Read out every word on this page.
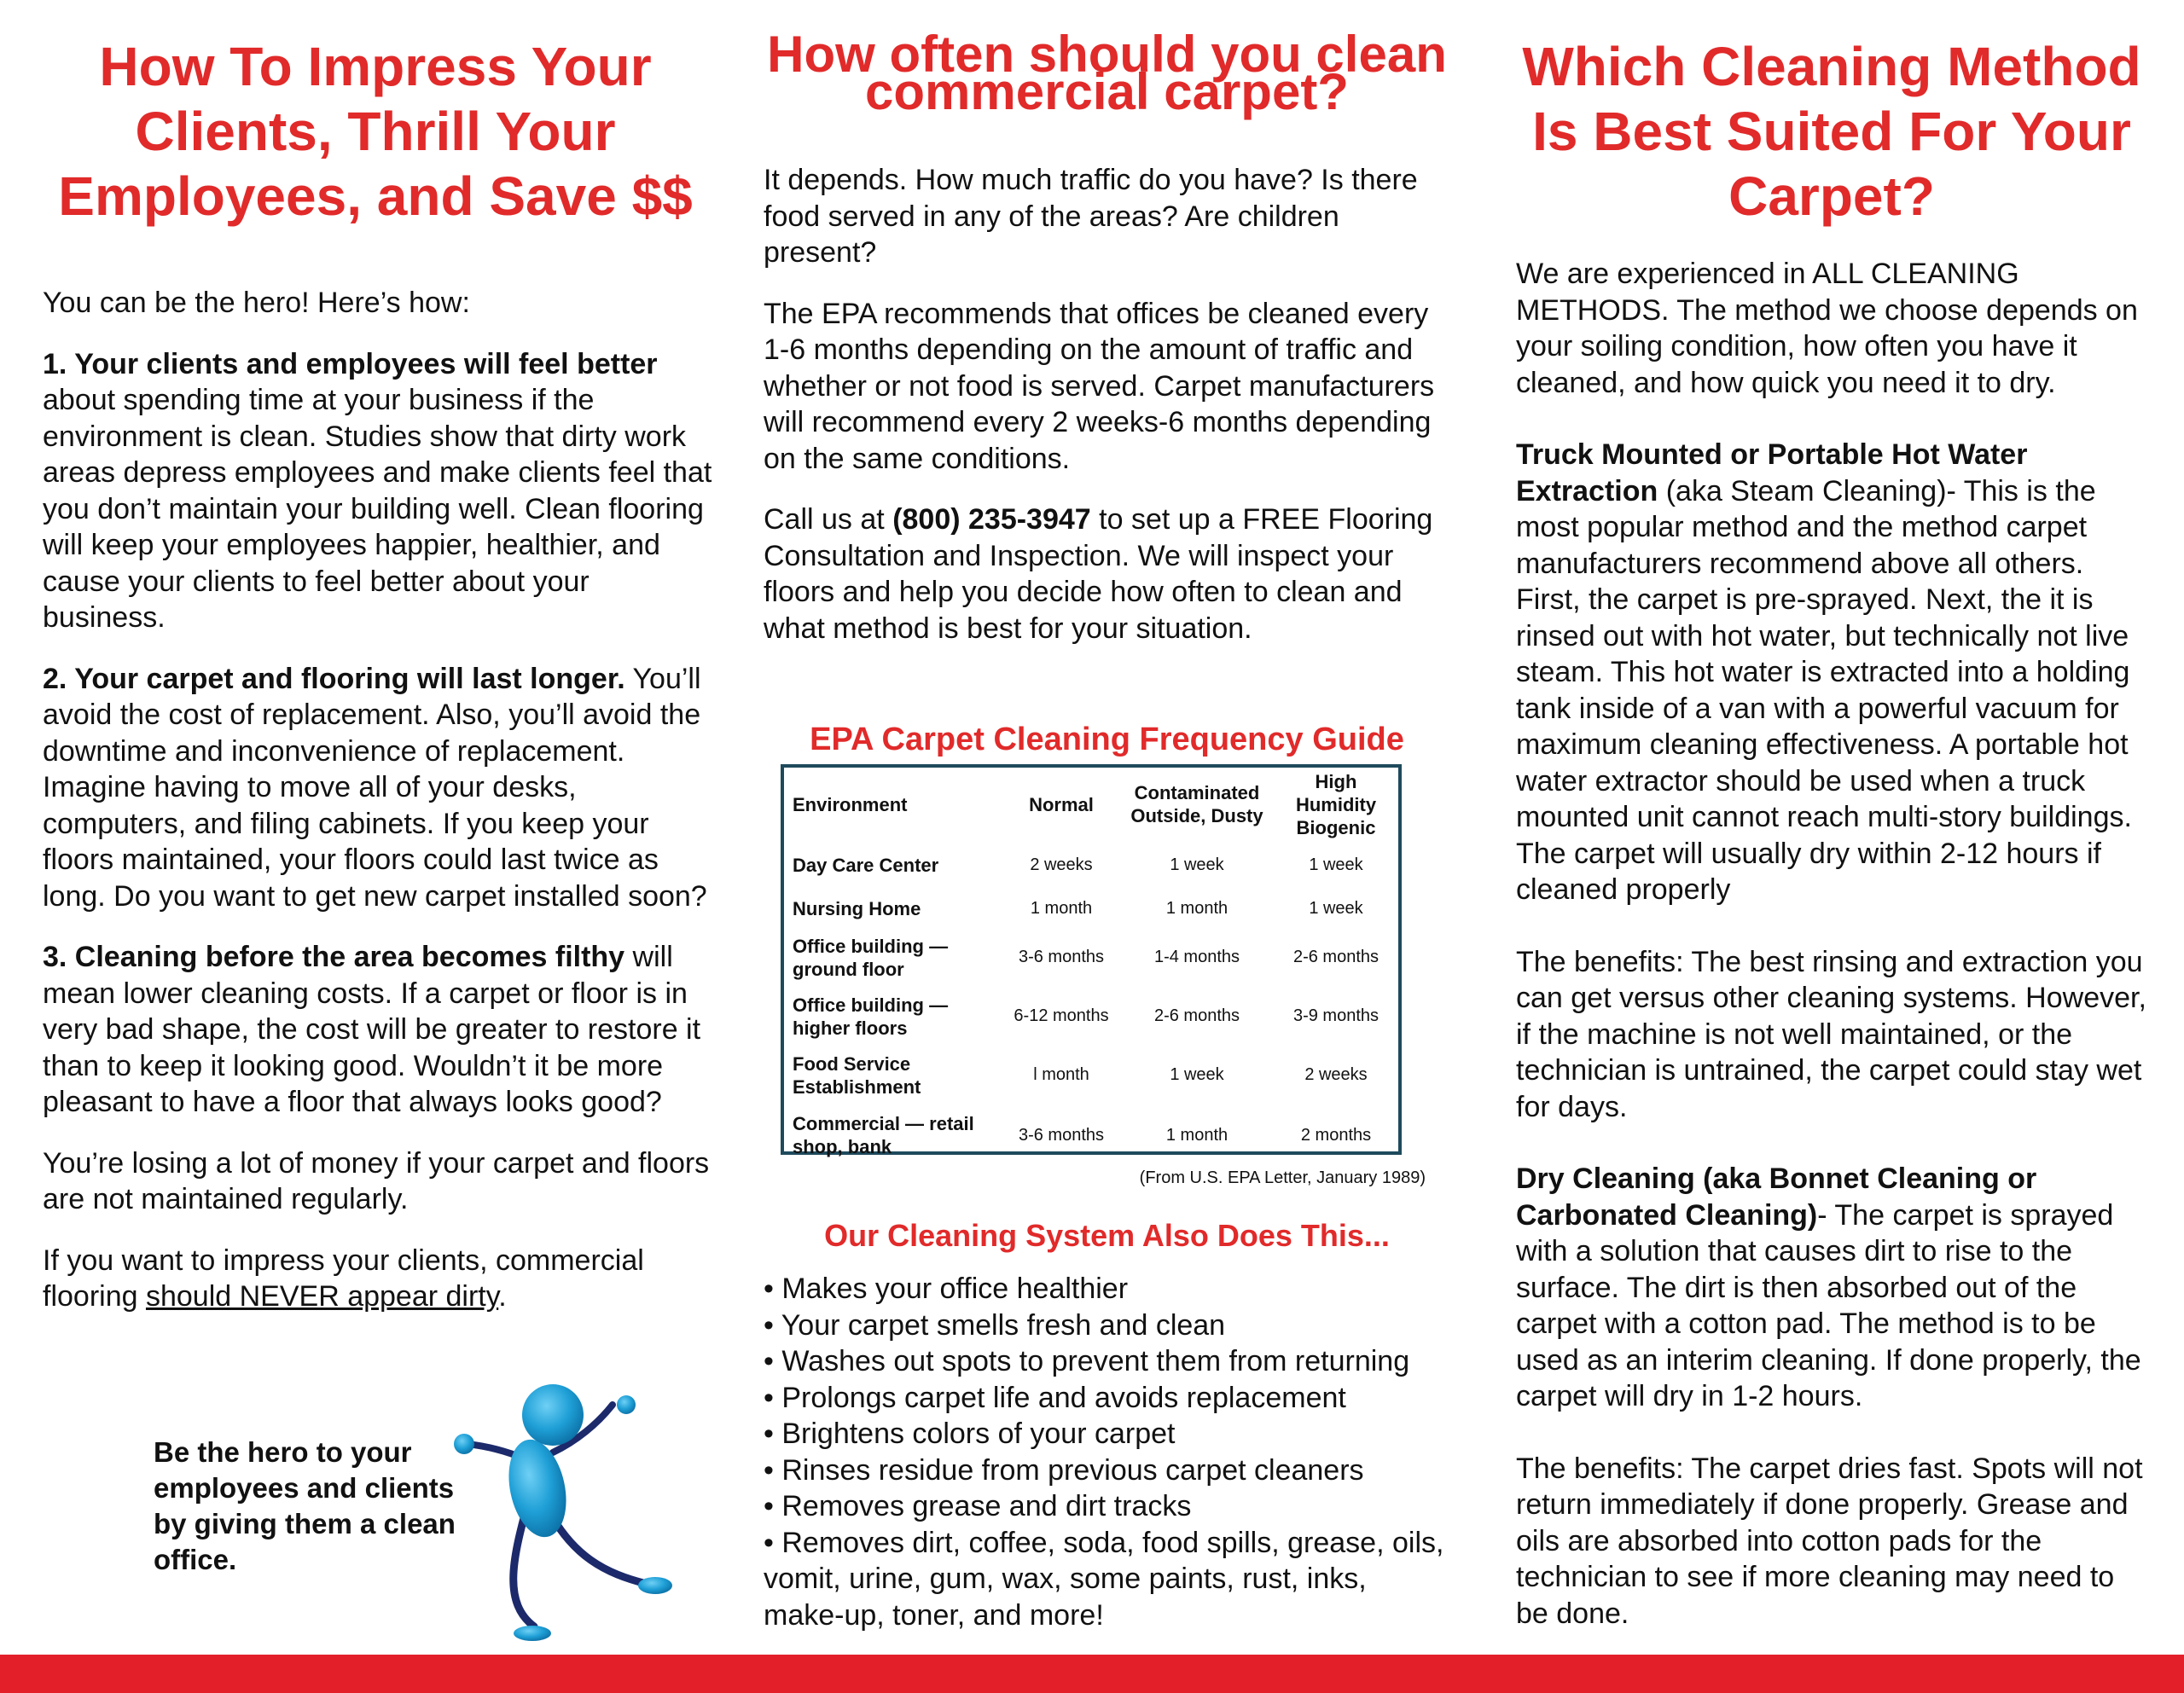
How To Impress Your Clients, Thrill Your Employees, and Save $$

You can be the hero! Here’s how:

1. Your clients and employees will feel better about spending time at your business if the environment is clean. Studies show that dirty work areas depress employees and make clients feel that you don’t maintain your building well. Clean flooring will keep your employees happier, healthier, and cause your clients to feel better about your business.

2. Your carpet and flooring will last longer. You’ll avoid the cost of replacement. Also, you’ll avoid the downtime and inconvenience of replacement. Imagine having to move all of your desks, computers, and filing cabinets. If you keep your floors maintained, your floors could last twice as long. Do you want to get new carpet installed soon?

3. Cleaning before the area becomes filthy will mean lower cleaning costs. If a carpet or floor is in very bad shape, the cost will be greater to restore it than to keep it looking good. Wouldn’t it be more pleasant to have a floor that always looks good?

You’re losing a lot of money if your carpet and floors are not maintained regularly.

If you want to impress your clients, commercial flooring should NEVER appear dirty.

Be the hero to your employees and clients by giving them a clean office.

How often should you clean commercial carpet?

It depends. How much traffic do you have? Is there food served in any of the areas? Are children present?

The EPA recommends that offices be cleaned every 1-6 months depending on the amount of traffic and whether or not food is served. Carpet manufacturers will recommend every 2 weeks-6 months depending on the same conditions.

Call us at (800) 235-3947 to set up a FREE Flooring Consultation and Inspection. We will inspect your floors and help you decide how often to clean and what method is best for your situation.

EPA Carpet Cleaning Frequency Guide
Environment	Normal	Contaminated Outside, Dusty	High Humidity Biogenic
Day Care Center	2 weeks	1 week	1 week
Nursing Home	1 month	1 month	1 week
Office building — ground floor	3-6 months	1-4 months	2-6 months
Office building — higher floors	6-12 months	2-6 months	3-9 months
Food Service Establishment	l month	1 week	2 weeks
Commercial — retail shop, bank	3-6 months	1 month	2 months

(From U.S. EPA Letter, January 1989)

Our Cleaning System Also Does This...
• Makes your office healthier
• Your carpet smells fresh and clean
• Washes out spots to prevent them from returning
• Prolongs carpet life and avoids replacement
• Brightens colors of your carpet
• Rinses residue from previous carpet cleaners
• Removes grease and dirt tracks
• Removes dirt, coffee, soda, food spills, grease, oils, vomit, urine, gum, wax, some paints, rust, inks, make-up, toner, and more!
Which Cleaning Method Is Best Suited For Your Carpet?

We are experienced in ALL CLEANING METHODS. The method we choose depends on your soiling condition, how often you have it cleaned, and how quick you need it to dry.

Truck Mounted or Portable Hot Water Extraction (aka Steam Cleaning)- This is the most popular method and the method carpet manufacturers recommend above all others. First, the carpet is pre-sprayed. Next, the it is rinsed out with hot water, but technically not live steam. This hot water is extracted into a holding tank inside of a van with a powerful vacuum for maximum cleaning effectiveness. A portable hot water extractor should be used when a truck mounted unit cannot reach multi-story buildings. The carpet will usually dry within 2-12 hours if cleaned properly

The benefits: The best rinsing and extraction you can get versus other cleaning systems. However, if the machine is not well maintained, or the technician is untrained, the carpet could stay wet for days.

Dry Cleaning (aka Bonnet Cleaning or Carbonated Cleaning)- The carpet is sprayed with a solution that causes dirt to rise to the surface. The dirt is then absorbed out of the carpet with a cotton pad. The method is to be used as an interim cleaning. If done properly, the carpet will dry in 1-2 hours.

The benefits: The carpet dries fast. Spots will not return immediately if done properly. Grease and oils are absorbed into cotton pads for the technician to see if more cleaning may need to be done.
